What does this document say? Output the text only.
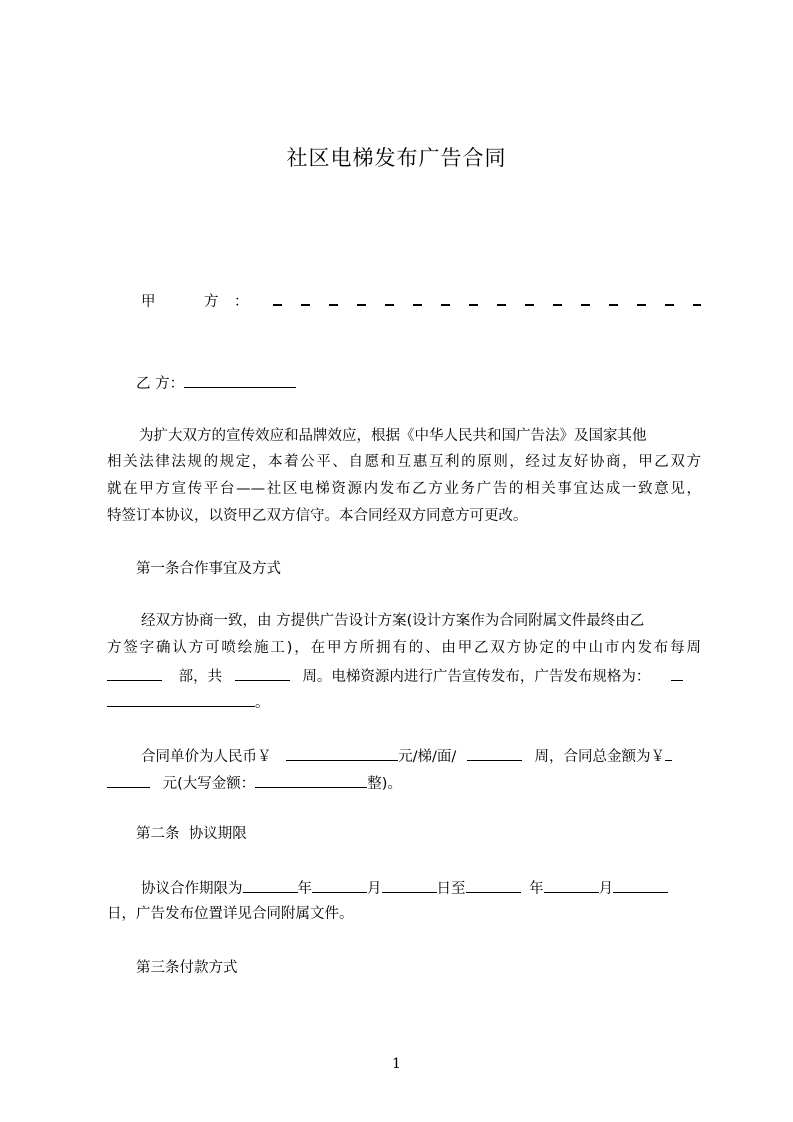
社区电梯发布广告合同
甲	方 ：
乙 方：
为扩大双方的宣传效应和品牌效应，根据《中华人民共和国广告法》及国家其他
相关法律法规的规定，本着公平、自愿和互惠互利的原则，经过友好协商，甲乙双方
就在甲方宣传平台——社区电梯资源内发布乙方业务广告的相关事宜达成一致意见，
特签订本协议，以资甲乙双方信守。本合同经双方同意方可更改。
第一条合作事宜及方式
经双方协商一致，由 方提供广告设计方案(设计方案作为合同附属文件最终由乙
方签字确认方可喷绘施工)，在甲方所拥有的、由甲乙双方协定的中山市内发布每周
部，共	周。电梯资源内进行广告宣传发布，广告发布规格为：
。
合同单价为人民币￥	元/梯/面/	周，合同总金额为￥
元(大写金额：	整)。
第二条  协议期限
协议合作期限为	年	月	日至	年	月
日，广告发布位置详见合同附属文件。
第三条付款方式
1
